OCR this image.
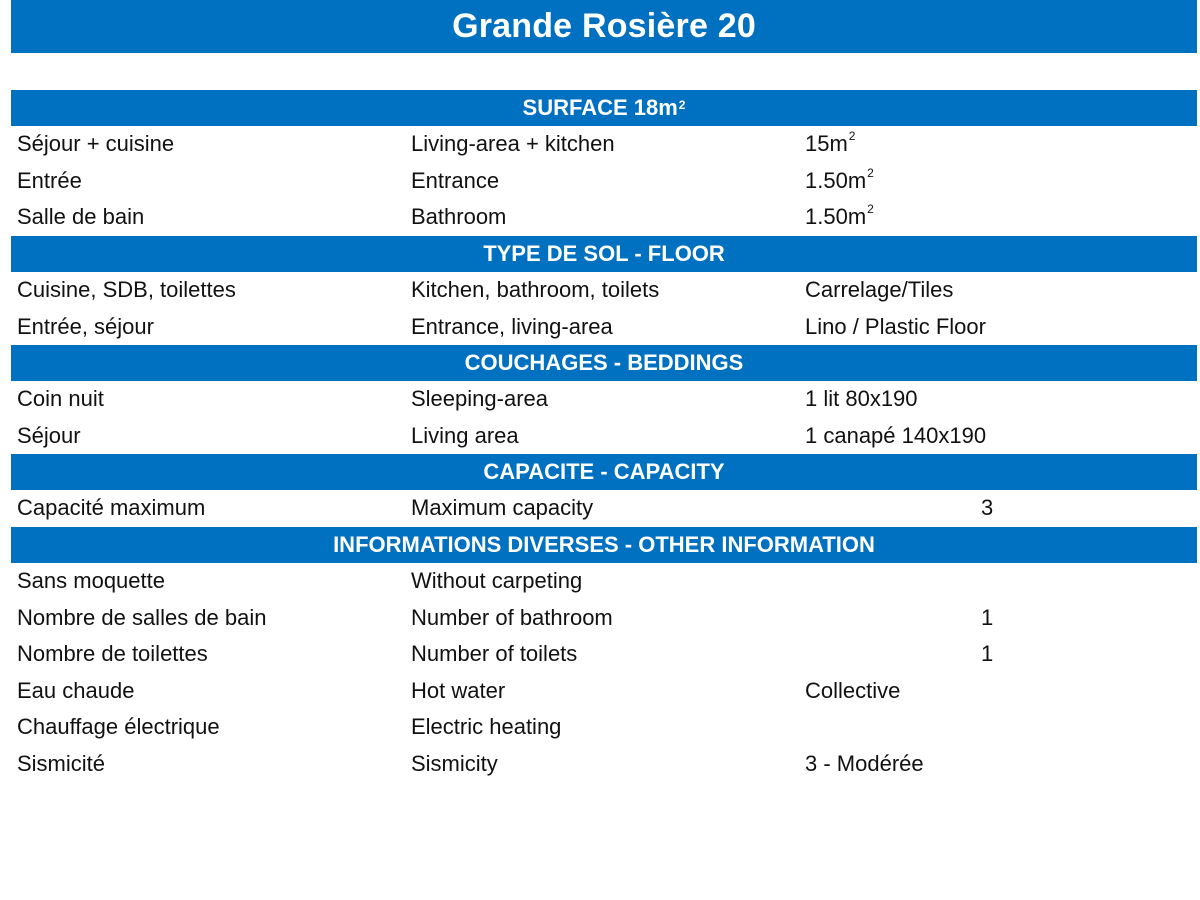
Grande Rosière 20
SURFACE $18m^2$
Séjour + cuisine	Living-area + kitchen	$15m^2$
Entrée	Entrance	$1.50m^2$
Salle de bain	Bathroom	$1.50m^2$
TYPE DE SOL - FLOOR
Cuisine, SDB, toilettes	Kitchen, bathroom, toilets	Carrelage/Tiles
Entrée, séjour	Entrance, living-area	Lino / Plastic Floor
COUCHAGES - BEDDINGS
Coin nuit	Sleeping-area	1 lit 80x190
Séjour	Living area	1 canapé 140x190
CAPACITE - CAPACITY
Capacité maximum	Maximum capacity	3
INFORMATIONS DIVERSES - OTHER INFORMATION
Sans moquette	Without carpeting
Nombre de salles de bain	Number of bathroom	1
Nombre de toilettes	Number of toilets	1
Eau chaude	Hot water	Collective
Chauffage électrique	Electric heating
Sismicité	Sismicity	3 - Modérée
